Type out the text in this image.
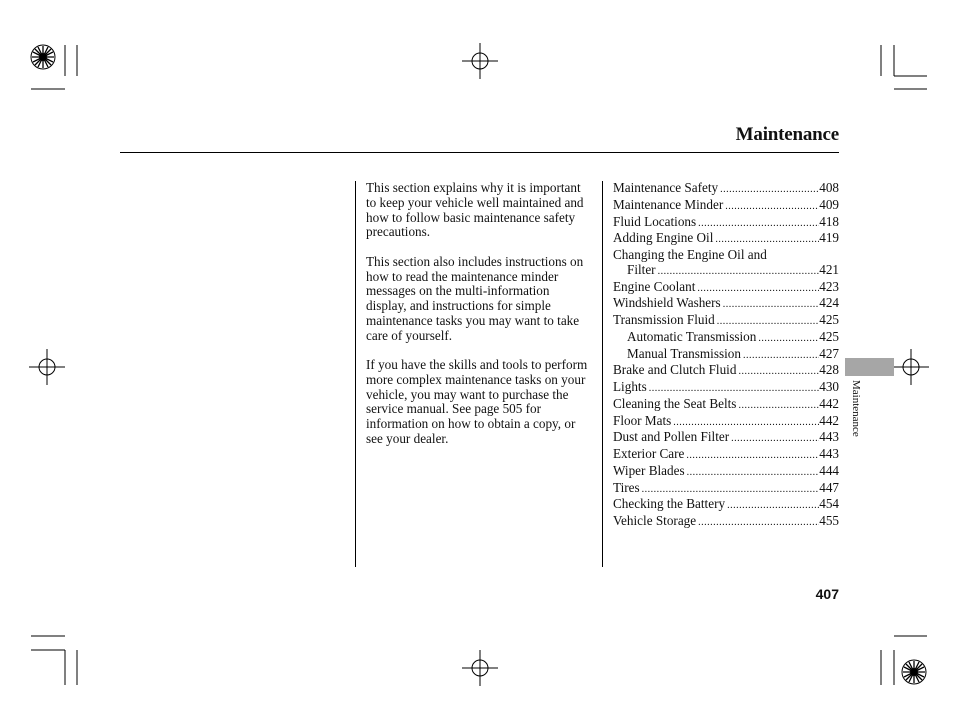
Maintenance

This section explains why it is important to keep your vehicle well maintained and how to follow basic maintenance safety precautions.

This section also includes instructions on how to read the maintenance minder messages on the multi-information display, and instructions for simple maintenance tasks you may want to take care of yourself.

If you have the skills and tools to perform more complex maintenance tasks on your vehicle, you may want to purchase the service manual. See page 505 for information on how to obtain a copy, or see your dealer.

Maintenance Safety .....	408
Maintenance Minder .....	409
Fluid Locations .....	418
Adding Engine Oil .....	419
Changing the Engine Oil and
Filter .....	421
Engine Coolant .....	423
Windshield Washers .....	424
Transmission Fluid .....	425
Automatic Transmission .....	425
Manual Transmission .....	427
Brake and Clutch Fluid .....	428
Lights .....	430
Cleaning the Seat Belts .....	442
Floor Mats .....	442
Dust and Pollen Filter .....	443
Exterior Care .....	443
Wiper Blades .....	444
Tires .....	447
Checking the Battery .....	454
Vehicle Storage .....	455
Maintenance
407
